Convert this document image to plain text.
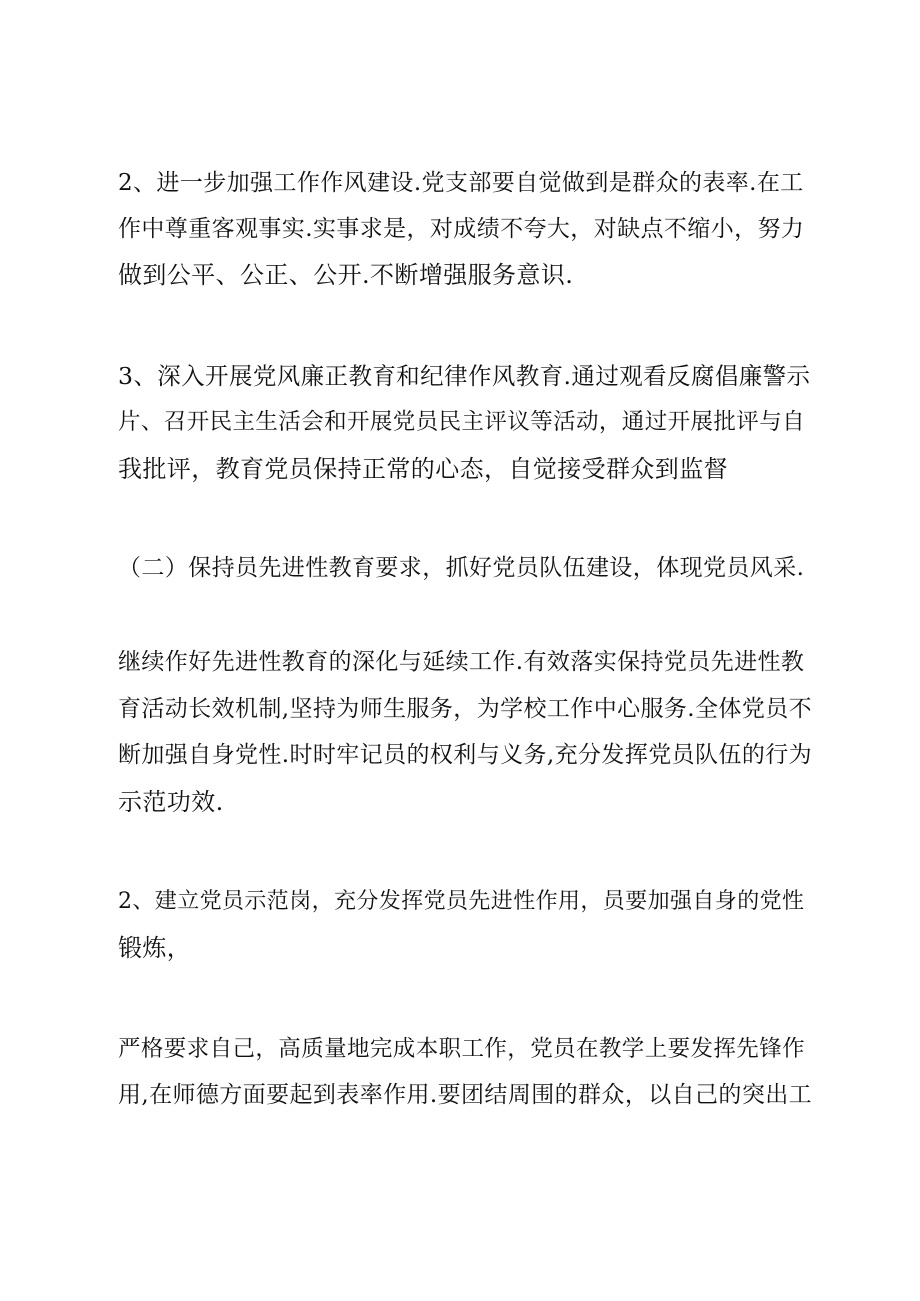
2、进一步加强工作作风建设.党支部要自觉做到是群众的表率.在工

作中尊重客观事实.实事求是，对成绩不夸大，对缺点不缩小，努力

做到公平、公正、公开.不断增强服务意识.

3、深入开展党风廉正教育和纪律作风教育.通过观看反腐倡廉警示

片、召开民主生活会和开展党员民主评议等活动，通过开展批评与自

我批评，教育党员保持正常的心态，自觉接受群众到监督

（二）保持员先进性教育要求，抓好党员队伍建设，体现党员风采.

继续作好先进性教育的深化与延续工作.有效落实保持党员先进性教

育活动长效机制,坚持为师生服务，为学校工作中心服务.全体党员不

断加强自身党性.时时牢记员的权利与义务,充分发挥党员队伍的行为

示范功效.

2、建立党员示范岗，充分发挥党员先进性作用，员要加强自身的党性

锻炼，

严格要求自己，高质量地完成本职工作，党员在教学上要发挥先锋作

用,在师德方面要起到表率作用.要团结周围的群众，以自己的突出工
